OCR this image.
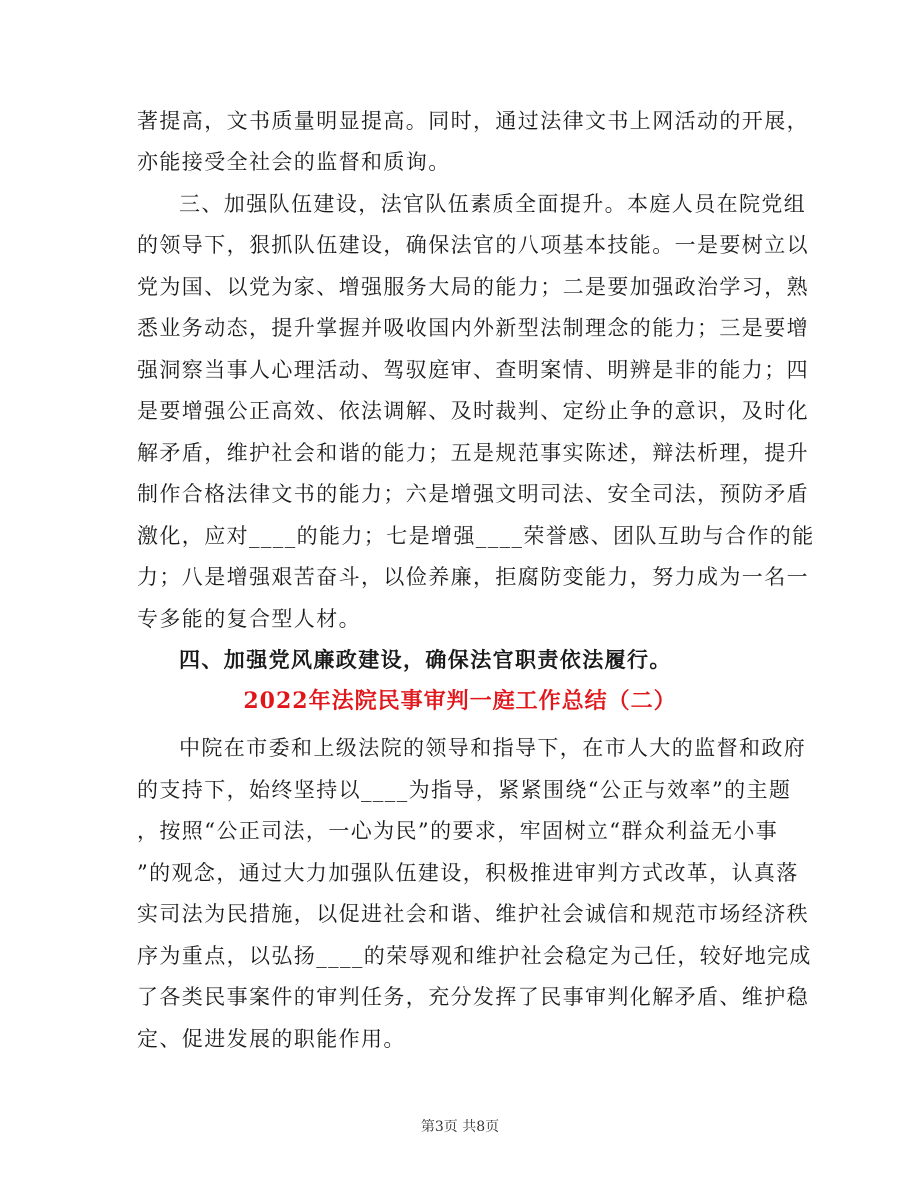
著提高，文书质量明显提高。同时，通过法律文书上网活动的开展，
亦能接受全社会的监督和质询。
三、加强队伍建设，法官队伍素质全面提升。本庭人员在院党组
的领导下，狠抓队伍建设，确保法官的八项基本技能。一是要树立以
党为国、以党为家、增强服务大局的能力；二是要加强政治学习，熟
悉业务动态，提升掌握并吸收国内外新型法制理念的能力；三是要增
强洞察当事人心理活动、驾驭庭审、查明案情、明辨是非的能力；四
是要增强公正高效、依法调解、及时裁判、定纷止争的意识，及时化
解矛盾，维护社会和谐的能力；五是规范事实陈述，辩法析理，提升
制作合格法律文书的能力；六是增强文明司法、安全司法，预防矛盾
激化，应对____的能力；七是增强____荣誉感、团队互助与合作的能
力；八是增强艰苦奋斗，以俭养廉，拒腐防变能力，努力成为一名一
专多能的复合型人材。
四、加强党风廉政建设，确保法官职责依法履行。
2022年法院民事审判一庭工作总结（二）
中院在市委和上级法院的领导和指导下，在市人大的监督和政府
的支持下，始终坚持以____为指导，紧紧围绕“公正与效率”的主题
，按照“公正司法，一心为民”的要求，牢固树立“群众利益无小事
”的观念，通过大力加强队伍建设，积极推进审判方式改革，认真落
实司法为民措施，以促进社会和谐、维护社会诚信和规范市场经济秩
序为重点，以弘扬____的荣辱观和维护社会稳定为己任，较好地完成
了各类民事案件的审判任务，充分发挥了民事审判化解矛盾、维护稳
定、促进发展的职能作用。
第3页 共8页
